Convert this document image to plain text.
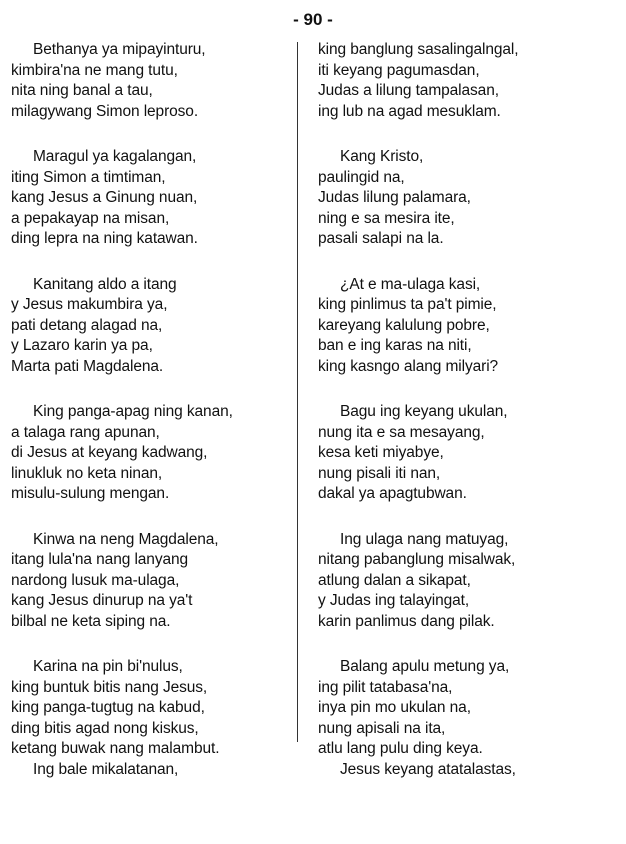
- 90 -
Bethanya ya mipayinturu,
kimbira'na ne mang tutu,
nita ning banal a tau,
milagywang Simon leproso.
Maragul ya kagalangan,
iting Simon a timtiman,
kang Jesus a Ginung nuan,
a pepakayap na misan,
ding lepra na ning katawan.
Kanitang aldo a itang
y Jesus makumbira ya,
pati detang alagad na,
y Lazaro karin ya pa,
Marta pati Magdalena.
King panga-apag ning kanan,
a talaga rang apunan,
di Jesus at keyang kadwang,
linukluk no keta ninan,
misulu-sulung mengan.
Kinwa na neng Magdalena,
itang lula'na nang lanyang
nardong lusuk ma-ulaga,
kang Jesus dinurup na ya't
bilbal ne keta siping na.
Karina na pin bi'nulus,
king buntuk bitis nang Jesus,
king panga-tugtug na kabud,
ding bitis agad nong kiskus,
ketang buwak nang malambut.
Ing bale mikalatanan,
king banglung sasalingalngal,
iti keyang pagumasdan,
Judas a lilung tampalasan,
ing lub na agad mesuklam.
Kang Kristo,
paulingid na,
Judas lilung palamara,
ning e sa mesira ite,
pasali salapi na la.
¿At e ma-ulaga kasi,
king pinlimus ta pa't pimie,
kareyang kalulung pobre,
ban e ing karas na niti,
king kasngo alang milyari?
Bagu ing keyang ukulan,
nung ita e sa mesayang,
kesa keti miyabye,
nung pisali iti nan,
dakal ya apagtubwan.
Ing ulaga nang matuyag,
nitang pabanglung misalwak,
atlung dalan a sikapat,
y Judas ing talayingat,
karin panlimus dang pilak.
Balang apulu metung ya,
ing pilit tatabasa'na,
inya pin mo ukulan na,
nung apisali na ita,
atlu lang pulu ding keya.
Jesus keyang atatalastas,
